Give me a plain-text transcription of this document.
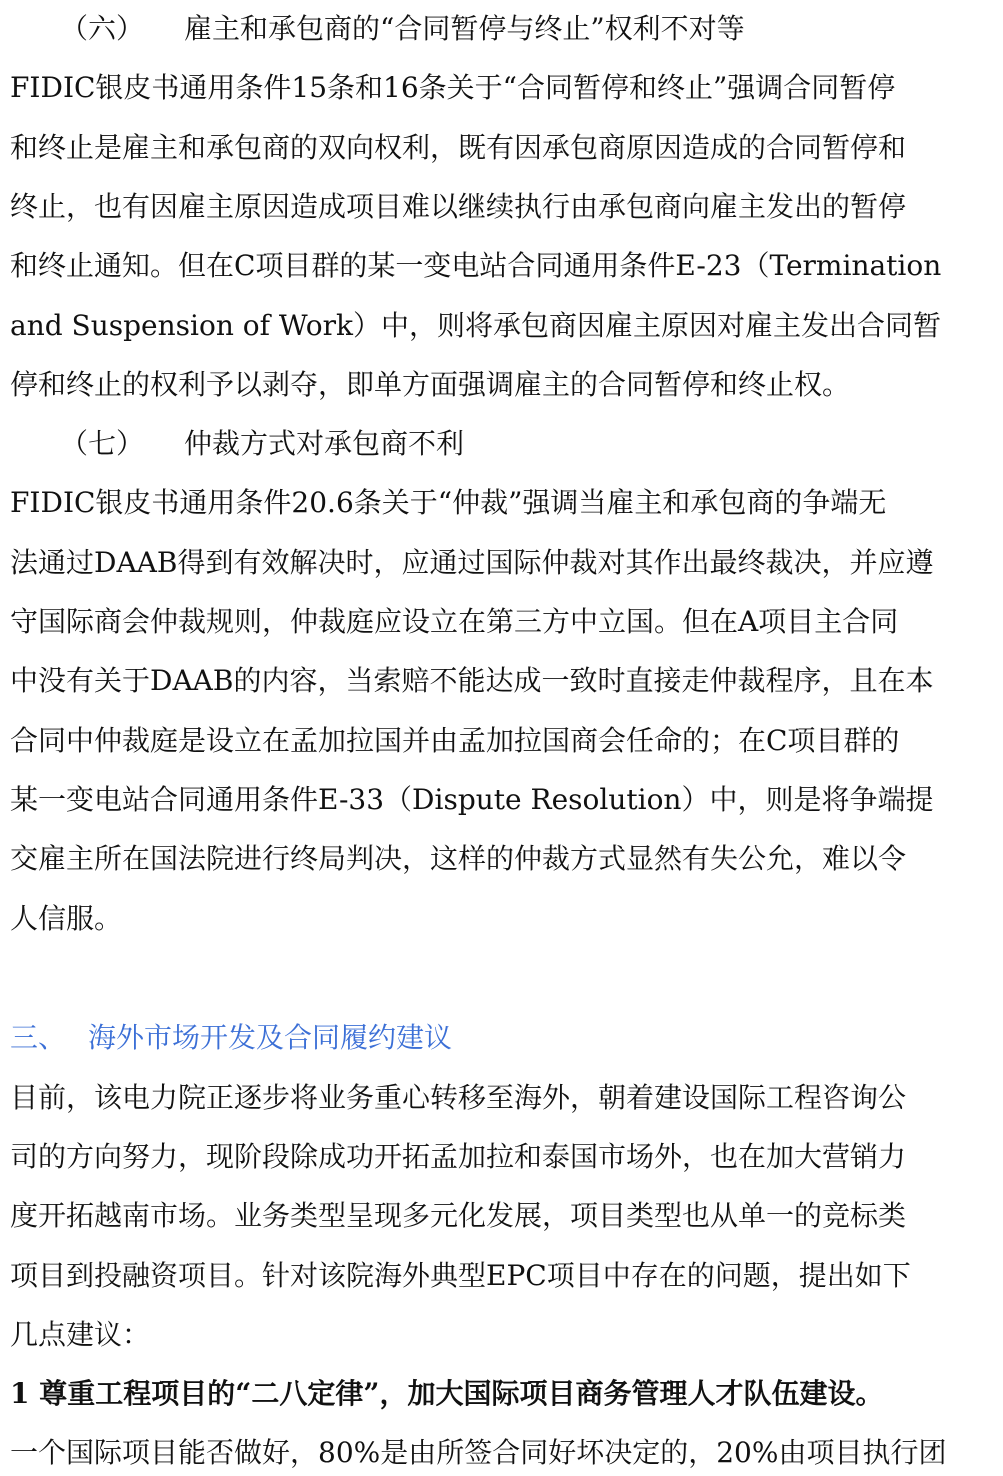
（六） 雇主和承包商的“合同暂停与终止”权利不对等
FIDIC银皮书通用条件15条和16条关于“合同暂停和终止”强调合同暂停
和终止是雇主和承包商的双向权利，既有因承包商原因造成的合同暂停和
终止，也有因雇主原因造成项目难以继续执行由承包商向雇主发出的暂停
和终止通知。但在C项目群的某一变电站合同通用条件E-23（Termination
and Suspension of Work）中，则将承包商因雇主原因对雇主发出合同暂
停和终止的权利予以剥夺，即单方面强调雇主的合同暂停和终止权。
（七） 仲裁方式对承包商不利
FIDIC银皮书通用条件20.6条关于“仲裁”强调当雇主和承包商的争端无
法通过DAAB得到有效解决时，应通过国际仲裁对其作出最终裁决，并应遵
守国际商会仲裁规则，仲裁庭应设立在第三方中立国。但在A项目主合同
中没有关于DAAB的内容，当索赔不能达成一致时直接走仲裁程序，且在本
合同中仲裁庭是设立在孟加拉国并由孟加拉国商会任命的；在C项目群的
某一变电站合同通用条件E-33（Dispute Resolution）中，则是将争端提
交雇主所在国法院进行终局判决，这样的仲裁方式显然有失公允，难以令
人信服。
三、 海外市场开发及合同履约建议
目前，该电力院正逐步将业务重心转移至海外，朝着建设国际工程咨询公
司的方向努力，现阶段除成功开拓孟加拉和泰国市场外，也在加大营销力
度开拓越南市场。业务类型呈现多元化发展，项目类型也从单一的竞标类
项目到投融资项目。针对该院海外典型EPC项目中存在的问题，提出如下
几点建议：
1 尊重工程项目的“二八定律”，加大国际项目商务管理人才队伍建设。
一个国际项目能否做好，80%是由所签合同好坏决定的，20%由项目执行团
